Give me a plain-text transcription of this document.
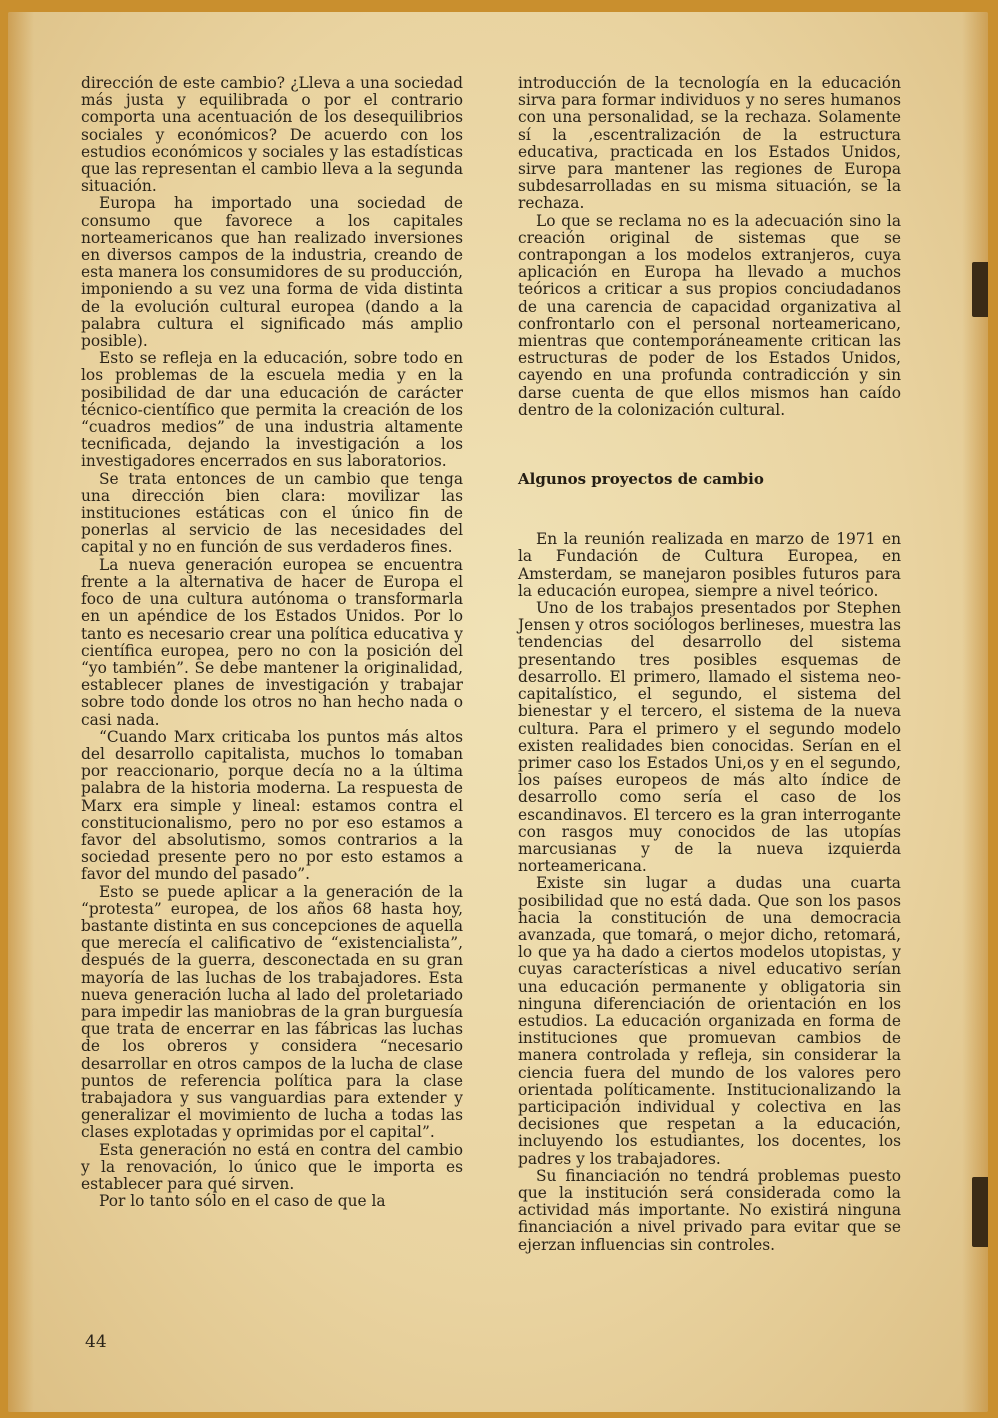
dirección de este cambio? ¿Lleva a una sociedad más justa y equilibrada o por el contrario comporta una acentuación de los desequilibrios sociales y económicos? De acuerdo con los estudios económicos y sociales y las estadísticas que las representan el cambio lleva a la segunda situación.

Europa ha importado una sociedad de consumo que favorece a los capitales norteamericanos que han realizado inversiones en diversos campos de la industria, creando de esta manera los consumidores de su producción, imponiendo a su vez una forma de vida distinta de la evolución cultural europea (dando a la palabra cultura el significado más amplio posible).

Esto se refleja en la educación, sobre todo en los problemas de la escuela media y en la posibilidad de dar una educación de carácter técnico-científico que permita la creación de los “cuadros medios” de una industria altamente tecnificada, dejando la investigación a los investigadores encerrados en sus laboratorios.

Se trata entonces de un cambio que tenga una dirección bien clara: movilizar las instituciones estáticas con el único fin de ponerlas al servicio de las necesidades del capital y no en función de sus verdaderos fines.

La nueva generación europea se encuentra frente a la alternativa de hacer de Europa el foco de una cultura autónoma o transformarla en un apéndice de los Estados Unidos. Por lo tanto es necesario crear una política educativa y científica europea, pero no con la posición del “yo también”. Se debe mantener la originalidad, establecer planes de investigación y trabajar sobre todo donde los otros no han hecho nada o casi nada.

“Cuando Marx criticaba los puntos más altos del desarrollo capitalista, muchos lo tomaban por reaccionario, porque decía no a la última palabra de la historia moderna. La respuesta de Marx era simple y lineal: estamos contra el constitucionalismo, pero no por eso estamos a favor del absolutismo, somos contrarios a la sociedad presente pero no por esto estamos a favor del mundo del pasado”.

Esto se puede aplicar a la generación de la “protesta” europea, de los años 68 hasta hoy, bastante distinta en sus concepciones de aquella que merecía el calificativo de “existencialista”, después de la guerra, desconectada en su gran mayoría de las luchas de los trabajadores. Esta nueva generación lucha al lado del proletariado para impedir las maniobras de la gran burguesía que trata de encerrar en las fábricas las luchas de los obreros y considera “necesario desarrollar en otros campos de la lucha de clase puntos de referencia política para la clase trabajadora y sus vanguardias para extender y generalizar el movimiento de lucha a todas las clases explotadas y oprimidas por el capital”.

Esta generación no está en contra del cambio y la renovación, lo único que le importa es establecer para qué sirven.

Por lo tanto sólo en el caso de que la

introducción de la tecnología en la educación sirva para formar individuos y no seres humanos con una personalidad, se la rechaza. Solamente sí la ,escentralización de la estructura educativa, practicada en los Estados Unidos, sirve para mantener las regiones de Europa subdesarrolladas en su misma situación, se la rechaza.

Lo que se reclama no es la adecuación sino la creación original de sistemas que se contrapongan a los modelos extranjeros, cuya aplicación en Europa ha llevado a muchos teóricos a criticar a sus propios conciudadanos de una carencia de capacidad organizativa al confrontarlo con el personal norteamericano, mientras que contemporáneamente critican las estructuras de poder de los Estados Unidos, cayendo en una profunda contradicción y sin darse cuenta de que ellos mismos han caído dentro de la colonización cultural.

Algunos proyectos de cambio

En la reunión realizada en marzo de 1971 en la Fundación de Cultura Europea, en Amsterdam, se manejaron posibles futuros para la educación europea, siempre a nivel teórico.

Uno de los trabajos presentados por Stephen Jensen y otros sociólogos berlineses, muestra las tendencias del desarrollo del sistema presentando tres posibles esquemas de desarrollo. El primero, llamado el sistema neo-capitalístico, el segundo, el sistema del bienestar y el tercero, el sistema de la nueva cultura. Para el primero y el segundo modelo existen realidades bien conocidas. Serían en el primer caso los Estados Uni,os y en el segundo, los países europeos de más alto índice de desarrollo como sería el caso de los escandinavos. El tercero es la gran interrogante con rasgos muy conocidos de las utopías marcusianas y de la nueva izquierda norteamericana.

Existe sin lugar a dudas una cuarta posibilidad que no está dada. Que son los pasos hacia la constitución de una democracia avanzada, que tomará, o mejor dicho, retomará, lo que ya ha dado a ciertos modelos utopistas, y cuyas características a nivel educativo serían una educación permanente y obligatoria sin ninguna diferenciación de orientación en los estudios. La educación organizada en forma de instituciones que promuevan cambios de manera controlada y refleja, sin considerar la ciencia fuera del mundo de los valores pero orientada políticamente. Institucionalizando la participación individual y colectiva en las decisiones que respetan a la educación, incluyendo los estudiantes, los docentes, los padres y los trabajadores.

Su financiación no tendrá problemas puesto que la institución será considerada como la actividad más importante. No existirá ninguna financiación a nivel privado para evitar que se ejerzan influencias sin controles.

44
